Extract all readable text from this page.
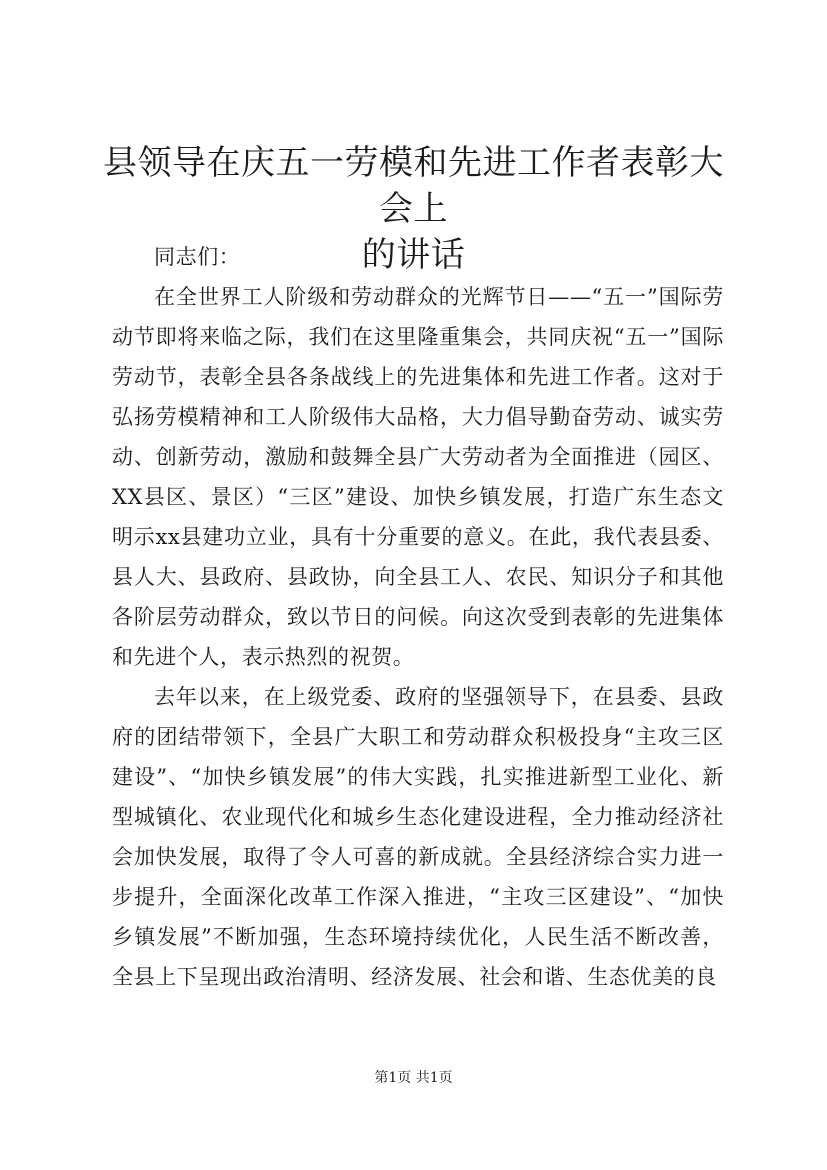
县领导在庆五一劳模和先进工作者表彰大会上
的讲话

同志们：

在全世界工人阶级和劳动群众的光辉节日——“五一”国际劳动节即将来临之际，我们在这里隆重集会，共同庆祝“五一”国际劳动节，表彰全县各条战线上的先进集体和先进工作者。这对于弘扬劳模精神和工人阶级伟大品格，大力倡导勤奋劳动、诚实劳动、创新劳动，激励和鼓舞全县广大劳动者为全面推进（园区、XX县区、景区）“三区”建设、加快乡镇发展，打造广东生态文明示xx县建功立业，具有十分重要的意义。在此，我代表县委、县人大、县政府、县政协，向全县工人、农民、知识分子和其他各阶层劳动群众，致以节日的问候。向这次受到表彰的先进集体和先进个人，表示热烈的祝贺。

去年以来，在上级党委、政府的坚强领导下，在县委、县政府的团结带领下，全县广大职工和劳动群众积极投身“主攻三区建设”、“加快乡镇发展”的伟大实践，扎实推进新型工业化、新型城镇化、农业现代化和城乡生态化建设进程，全力推动经济社会加快发展，取得了令人可喜的新成就。全县经济综合实力进一步提升，全面深化改革工作深入推进，“主攻三区建设”、“加快乡镇发展”不断加强，生态环境持续优化，人民生活不断改善，全县上下呈现出政治清明、经济发展、社会和谐、生态优美的良

第1页 共1页
